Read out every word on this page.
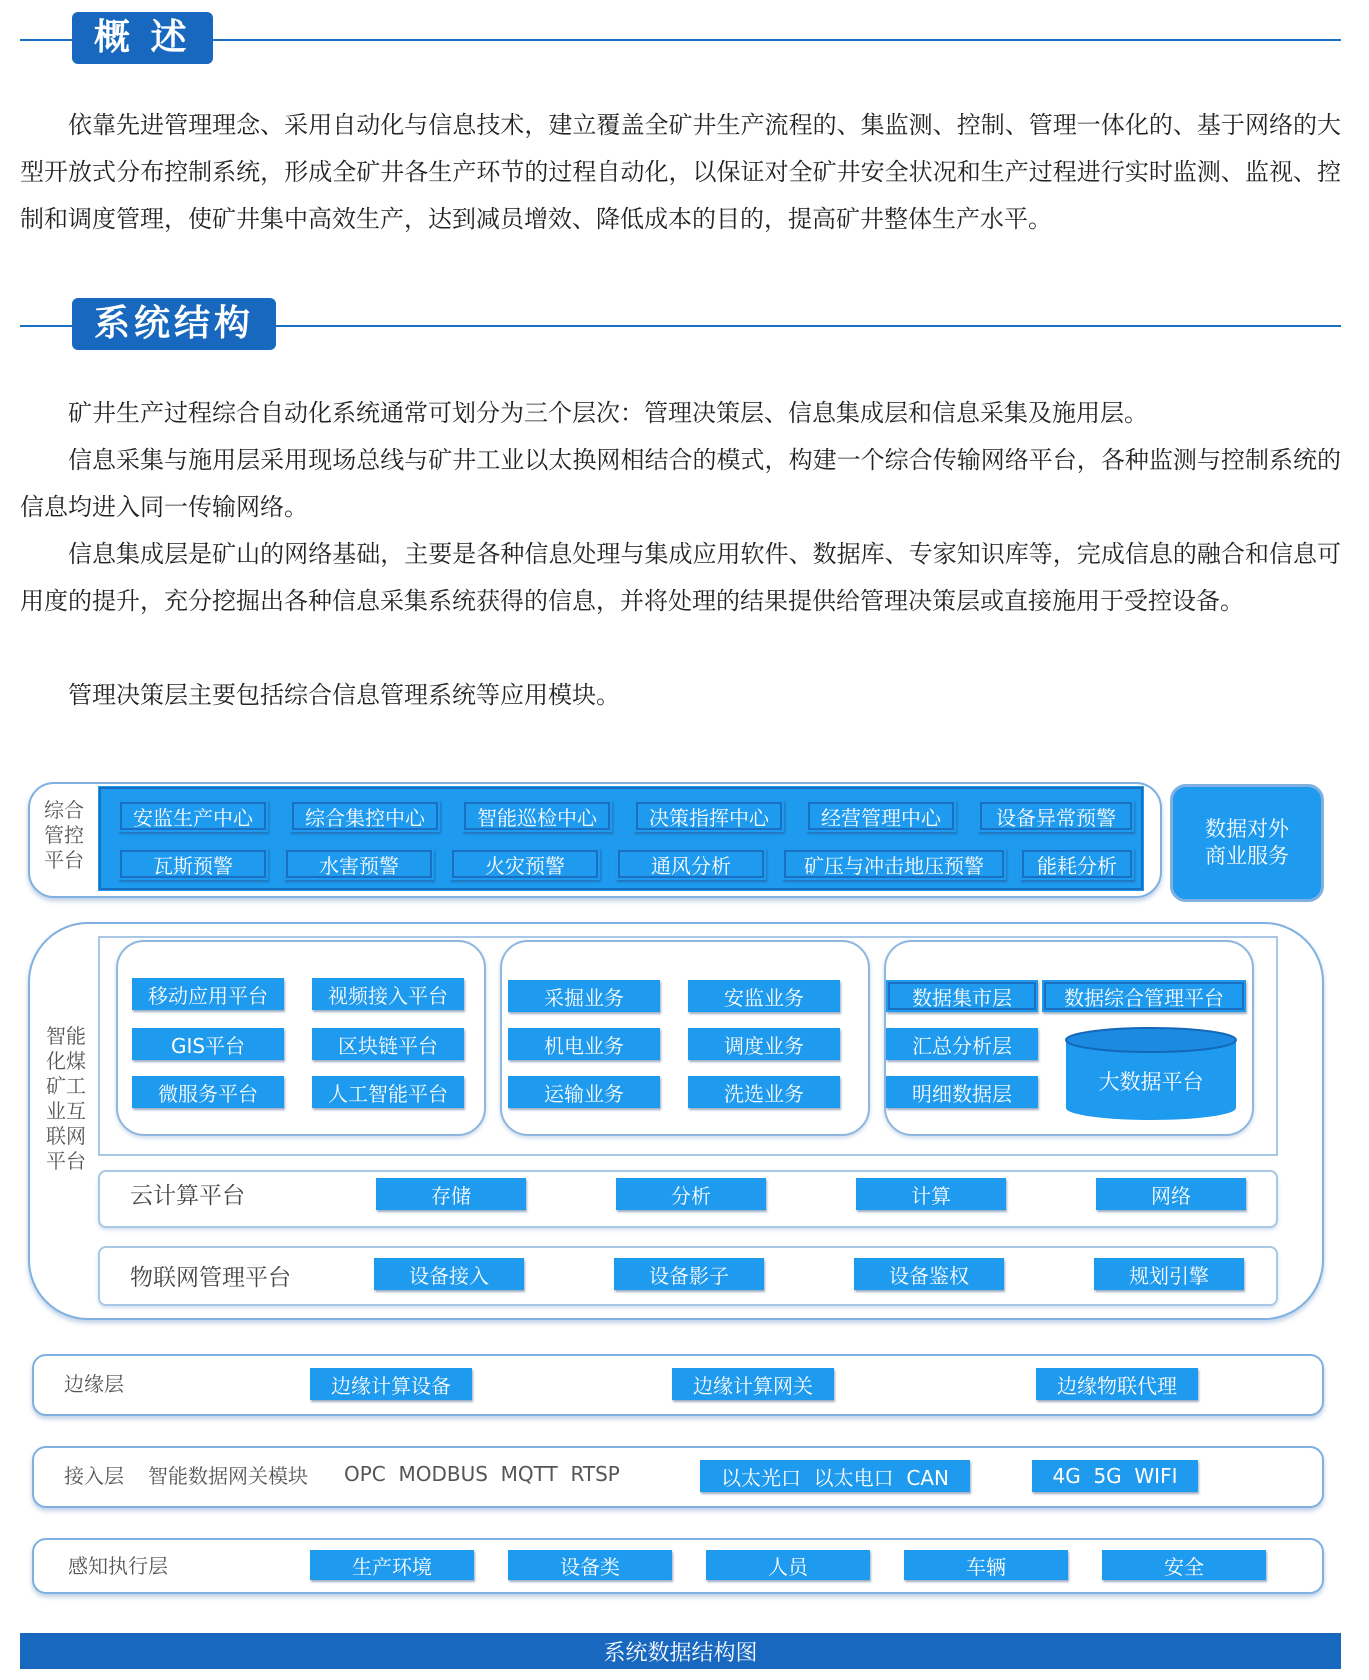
概 述

依靠先进管理理念、采用自动化与信息技术，建立覆盖全矿井生产流程的、集监测、控制、管理一体化的、基于网络的大型开放式分布控制系统，形成全矿井各生产环节的过程自动化，以保证对全矿井安全状况和生产过程进行实时监测、监视、控制和调度管理，使矿井集中高效生产，达到减员增效、降低成本的目的，提高矿井整体生产水平。

系统结构

矿井生产过程综合自动化系统通常可划分为三个层次：管理决策层、信息集成层和信息采集及施用层。

信息采集与施用层采用现场总线与矿井工业以太换网相结合的模式，构建一个综合传输网络平台，各种监测与控制系统的信息均进入同一传输网络。

信息集成层是矿山的网络基础，主要是各种信息处理与集成应用软件、数据库、专家知识库等，完成信息的融合和信息可用度的提升，充分挖掘出各种信息采集系统获得的信息，并将处理的结果提供给管理决策层或直接施用于受控设备。

管理决策层主要包括综合信息管理系统等应用模块。

综合
管控
平台
安监生产中心	综合集控中心	智能巡检中心	决策指挥中心	经营管理中心	设备异常预警
瓦斯预警	水害预警	火灾预警	通风分析	矿压与冲击地压预警	能耗分析
数据对外
商业服务
智能
化煤
矿工
业互
联网
平台
移动应用平台	视频接入平台
GIS平台	区块链平台
微服务平台	人工智能平台
采掘业务	安监业务
机电业务	调度业务
运输业务	洗选业务
数据集市层	数据综合管理平台
汇总分析层
明细数据层	大数据平台
云计算平台	存储	分析	计算	网络
物联网管理平台	设备接入	设备影子	设备鉴权	规划引擎
边缘层	边缘计算设备	边缘计算网关	边缘物联代理
接入层 智能数据网关模块 OPC  MODBUS  MQTT  RTSP	以太光口  以太电口  CAN	4G  5G  WIFI
感知执行层	生产环境	设备类	人员	车辆	安全
系统数据结构图
